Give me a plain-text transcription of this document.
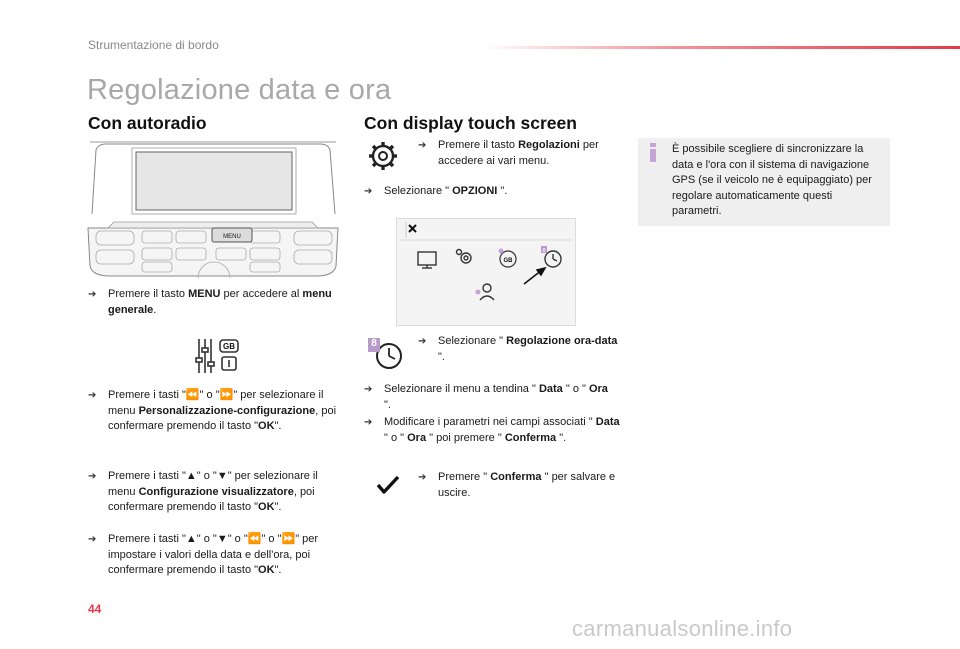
Strumentazione di bordo
Regolazione data e ora
Con autoradio
MENU
➔	Premere il tasto MENU per accedere al menu generale.
GB
➔	Premere i tasti "⏪" o "⏩" per selezionare il menu Personalizzazione-configurazione, poi confermare premendo il tasto "OK".
➔	Premere i tasti "▲" o "▼" per selezionare il menu Configurazione visualizzatore, poi confermare premendo il tasto "OK".
➔	Premere i tasti "▲" o "▼" o "⏪" o "⏩" per impostare i valori della data e dell'ora, poi confermare premendo il tasto "OK".
Con display touch screen
➔	Premere il tasto Regolazioni per accedere ai vari menu.
➔	Selezionare " OPZIONI ".
GB
8
8	➔	Selezionare " Regolazione ora-data ".
➔	Selezionare il menu a tendina " Data " o " Ora ".
➔	Modificare i parametri nei campi associati " Data " o " Ora " poi premere " Conferma ".
➔	Premere " Conferma " per salvare e uscire.
È possibile scegliere di sincronizzare la data e l'ora con il sistema di navigazione GPS (se il veicolo ne è equipaggiato) per regolare automaticamente questi parametri.
44
carmanualsonline.info
